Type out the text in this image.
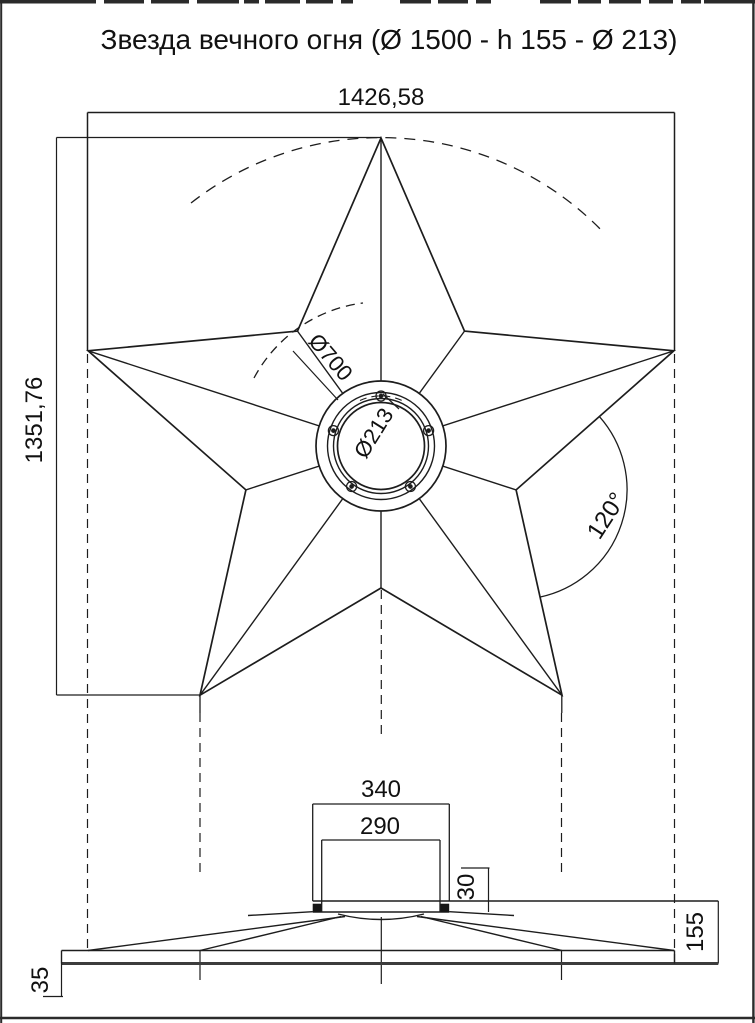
Звезда вечного огня (Ø 1500 - h 155 - Ø 213)
1426,58
1351,76
Ø700
Ø213
120°
340
290
30
155
35
